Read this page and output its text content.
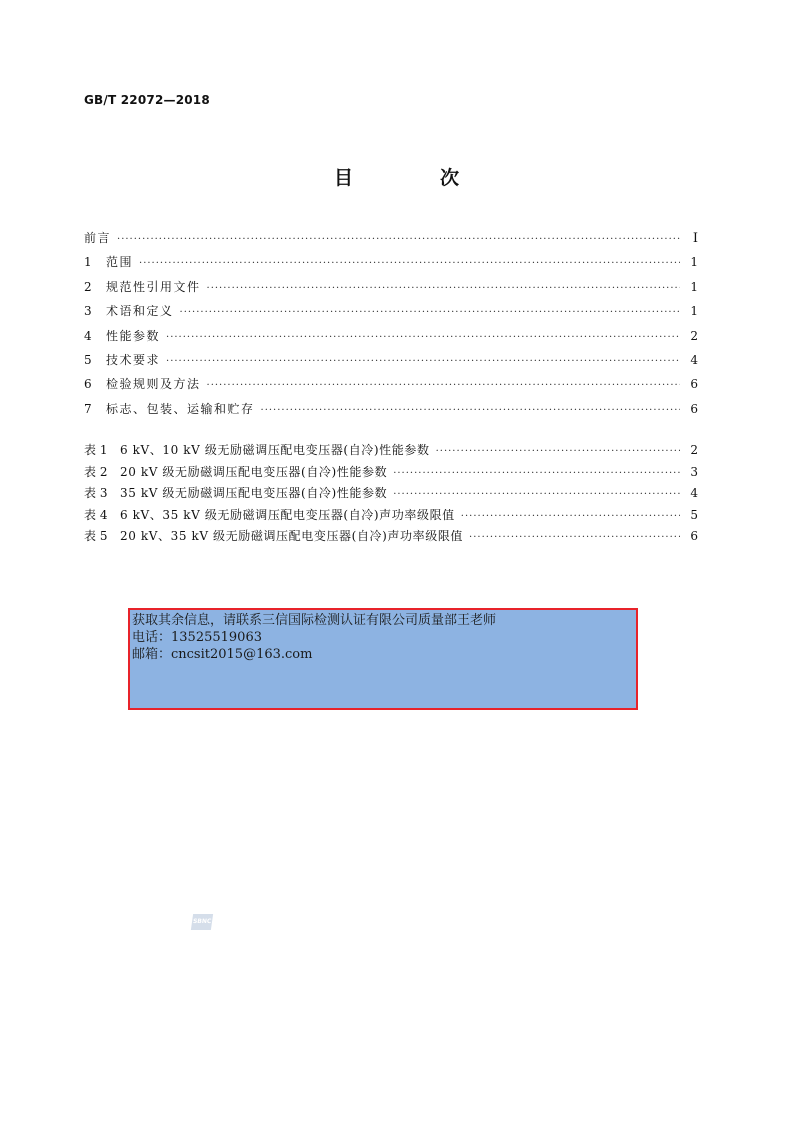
GB/T 22072—2018
目　次
前言 ·····	Ⅰ
1	范围 ·····	1
2	规范性引用文件 ·····	1
3	术语和定义 ·····	1
4	性能参数 ·····	2
5	技术要求 ·····	4
6	检验规则及方法 ·····	6
7	标志、包装、运输和贮存 ·····	6
表 1	6 kV、10 kV 级无励磁调压配电变压器(自冷)性能参数 ·····	2
表 2	20 kV 级无励磁调压配电变压器(自冷)性能参数 ·····	3
表 3	35 kV 级无励磁调压配电变压器(自冷)性能参数 ·····	4
表 4	6 kV、35 kV 级无励磁调压配电变压器(自冷)声功率级限值 ·····	5
表 5	20 kV、35 kV 级无励磁调压配电变压器(自冷)声功率级限值 ·····	6
获取其余信息，请联系三信国际检测认证有限公司质量部王老师
电话：13525519063
邮箱：cncsit2015@163.com
SBNC
